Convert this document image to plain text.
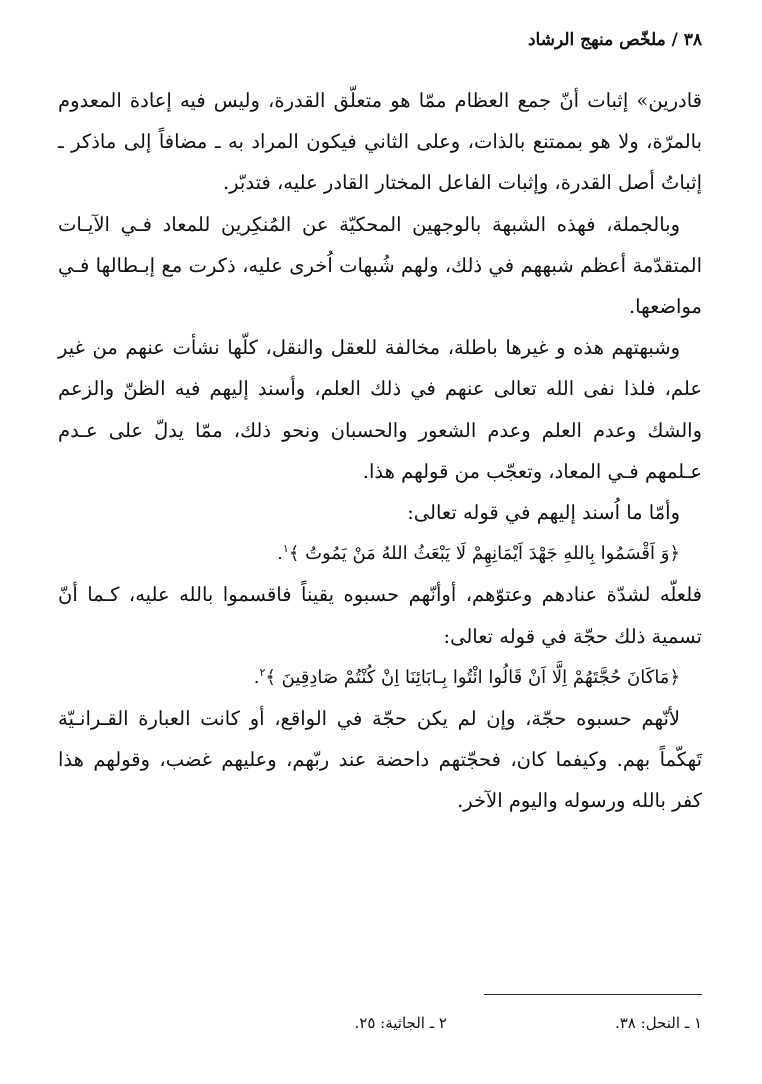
٣٨ / ملخّص منهج الرشاد

قادرين» إثبات أنّ جمع العظام ممّا هو متعلّق القدرة، وليس فيه إعادة المعدوم بالمرّة، ولا هو بممتنع بالذات، وعلى الثاني فيكون المراد به ـ مضافاً إلى ماذكر ـ إثباتُ أصل القدرة، وإثبات الفاعل المختار القادر عليه، فتدبّر.

وبالجملة، فهذه الشبهة بالوجهين المحكيّة عن المُنكِرين للمعاد فـي الآيـات المتقدّمة أعظم شبههم في ذلك، ولهم شُبهات اُخرى عليه، ذكرت مع إبـطالها فـي مواضعها.

وشبهتهم هذه و غيرها باطلة، مخالفة للعقل والنقل، كلّها نشأت عنهم من غير علم، فلذا نفى الله تعالى عنهم في ذلك العلم، وأسند إليهم فيه الظنّ والزعم والشك وعدم العلم وعدم الشعور والحسبان ونحو ذلك، ممّا يدلّ على عـدم عـلمهم فـي المعاد، وتعجّب من قولهم هذا.

وأمّا ما اُسند إليهم في قوله تعالى:

﴿وَ اَقْسَمُوا بِاللهِ جَهْدَ اَيْمَانِهِمْ لَا يَبْعَثُ اللهُ مَنْ يَمُوتُ ﴾$^١$.

فلعلّه لشدّة عنادهم وعتوّهم، أوأنّهم حسبوه يقيناً فاقسموا بالله عليه، كـما أنّ تسمية ذلك حجّة في قوله تعالى:

﴿مَاكَانَ حُجَّتَهُمْ اِلَّا اَنْ قَالُوا ائْتُوا بِـابَائِنَا اِنْ كُنْتُمْ صَادِقِينَ ﴾$^٢$.

لأنّهم حسبوه حجّة، وإن لم يكن حجّة في الواقع، أو كانت العبارة القـرانـيّة تَهكّماً بهم. وكيفما كان، فحجّتهم داحضة عند ربّهم، وعليهم غضب، وقولهم هذا كفر بالله ورسوله واليوم الآخر.

١ ـ النحل: ٣٨.
٢ ـ الجاثية: ٢٥.
